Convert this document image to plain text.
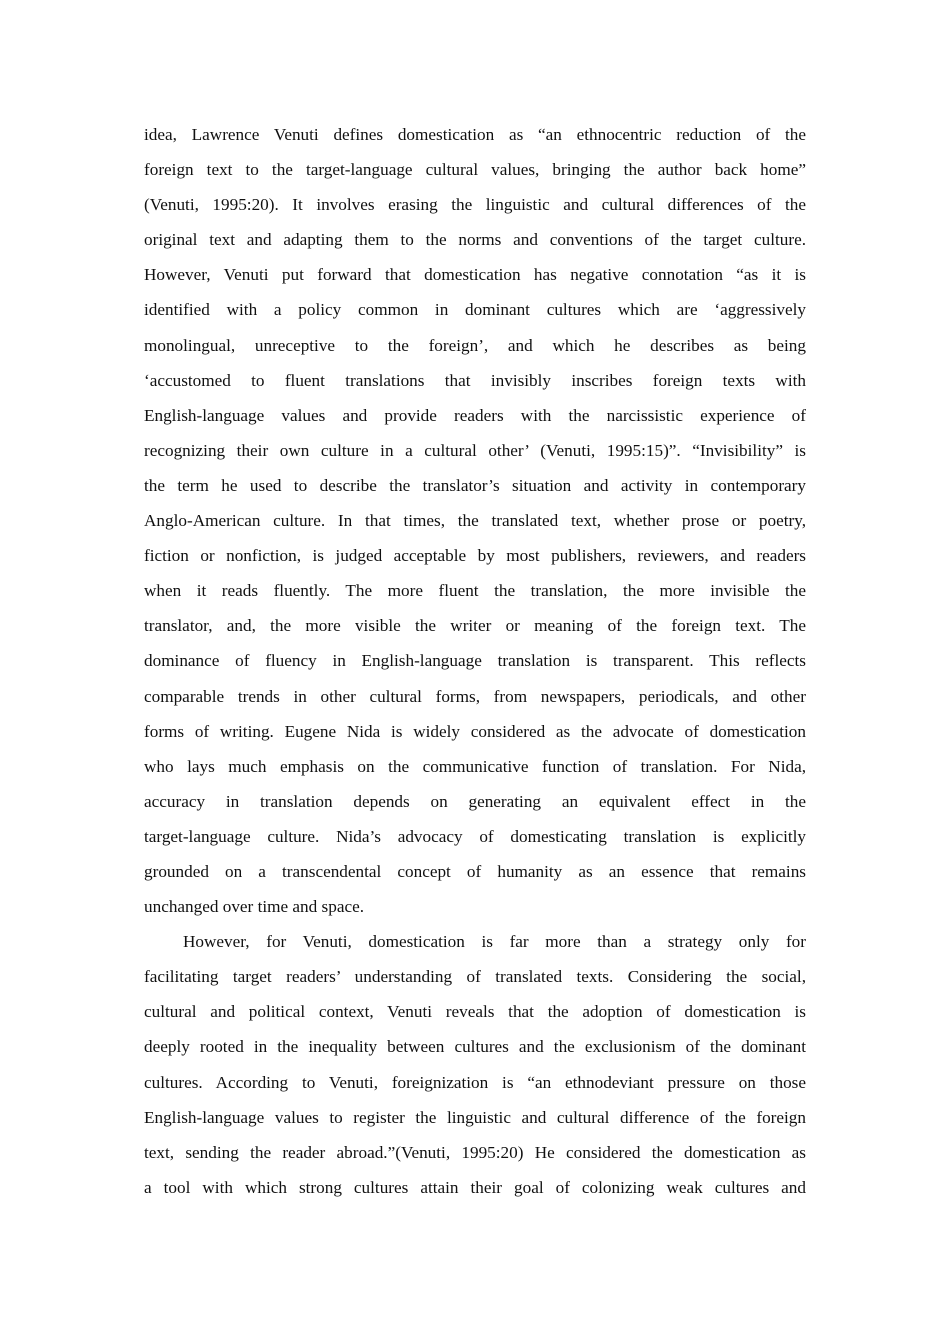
idea, Lawrence Venuti defines domestication as “an ethnocentric reduction of the
foreign text to the target-language cultural values, bringing the author back home”
(Venuti, 1995:20). It involves erasing the linguistic and cultural differences of the
original text and adapting them to the norms and conventions of the target culture.
However, Venuti put forward that domestication has negative connotation “as it is
identified with a policy common in dominant cultures which are ‘aggressively
monolingual, unreceptive to the foreign’, and which he describes as being
‘accustomed to fluent translations that invisibly inscribes foreign texts with
English-language values and provide readers with the narcissistic experience of
recognizing their own culture in a cultural other’ (Venuti, 1995:15)”. “Invisibility” is
the term he used to describe the translator’s situation and activity in contemporary
Anglo-American culture. In that times, the translated text, whether prose or poetry,
fiction or nonfiction, is judged acceptable by most publishers, reviewers, and readers
when it reads fluently. The more fluent the translation, the more invisible the
translator, and, the more visible the writer or meaning of the foreign text. The
dominance of fluency in English-language translation is transparent. This reflects
comparable trends in other cultural forms, from newspapers, periodicals, and other
forms of writing. Eugene Nida is widely considered as the advocate of domestication
who lays much emphasis on the communicative function of translation. For Nida,
accuracy in translation depends on generating an equivalent effect in the
target-language culture. Nida’s advocacy of domesticating translation is explicitly
grounded on a transcendental concept of humanity as an essence that remains
unchanged over time and space.
However, for Venuti, domestication is far more than a strategy only for
facilitating target readers’ understanding of translated texts. Considering the social,
cultural and political context, Venuti reveals that the adoption of domestication is
deeply rooted in the inequality between cultures and the exclusionism of the dominant
cultures. According to Venuti, foreignization is “an ethnodeviant pressure on those
English-language values to register the linguistic and cultural difference of the foreign
text, sending the reader abroad.”(Venuti, 1995:20) He considered the domestication as
a tool with which strong cultures attain their goal of colonizing weak cultures and
